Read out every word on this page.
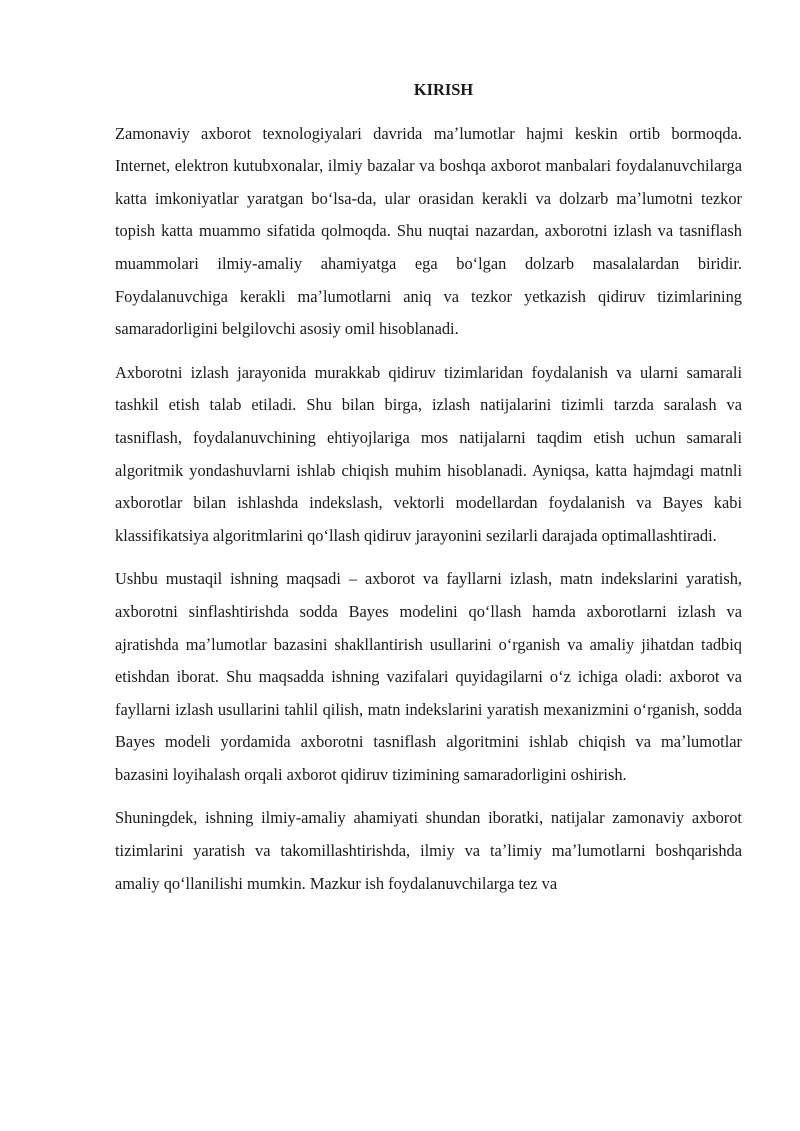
KIRISH

Zamonaviy axborot texnologiyalari davrida maʼlumotlar hajmi keskin ortib bormoqda. Internet, elektron kutubxonalar, ilmiy bazalar va boshqa axborot manbalari foydalanuvchilarga katta imkoniyatlar yaratgan boʻlsa-da, ular orasidan kerakli va dolzarb maʼlumotni tezkor topish katta muammo sifatida qolmoqda. Shu nuqtai nazardan, axborotni izlash va tasniflash muammolari ilmiy-amaliy ahamiyatga ega boʻlgan dolzarb masalalardan biridir. Foydalanuvchiga kerakli maʼlumotlarni aniq va tezkor yetkazish qidiruv tizimlarining samaradorligini belgilovchi asosiy omil hisoblanadi.

Axborotni izlash jarayonida murakkab qidiruv tizimlaridan foydalanish va ularni samarali tashkil etish talab etiladi. Shu bilan birga, izlash natijalarini tizimli tarzda saralash va tasniflash, foydalanuvchining ehtiyojlariga mos natijalarni taqdim etish uchun samarali algoritmik yondashuvlarni ishlab chiqish muhim hisoblanadi. Ayniqsa, katta hajmdagi matnli axborotlar bilan ishlashda indekslash, vektorli modellardan foydalanish va Bayes kabi klassifikatsiya algoritmlarini qoʻllash qidiruv jarayonini sezilarli darajada optimallashtiradi.

Ushbu mustaqil ishning maqsadi – axborot va fayllarni izlash, matn indekslarini yaratish, axborotni sinflashtirishda sodda Bayes modelini qoʻllash hamda axborotlarni izlash va ajratishda maʼlumotlar bazasini shakllantirish usullarini oʻrganish va amaliy jihatdan tadbiq etishdan iborat. Shu maqsadda ishning vazifalari quyidagilarni oʻz ichiga oladi: axborot va fayllarni izlash usullarini tahlil qilish, matn indekslarini yaratish mexanizmini oʻrganish, sodda Bayes modeli yordamida axborotni tasniflash algoritmini ishlab chiqish va maʼlumotlar bazasini loyihalash orqali axborot qidiruv tizimining samaradorligini oshirish.

Shuningdek, ishning ilmiy-amaliy ahamiyati shundan iboratki, natijalar zamonaviy axborot tizimlarini yaratish va takomillashtirishda, ilmiy va taʼlimiy maʼlumotlarni boshqarishda amaliy qoʻllanilishi mumkin. Mazkur ish foydalanuvchilarga tez va
